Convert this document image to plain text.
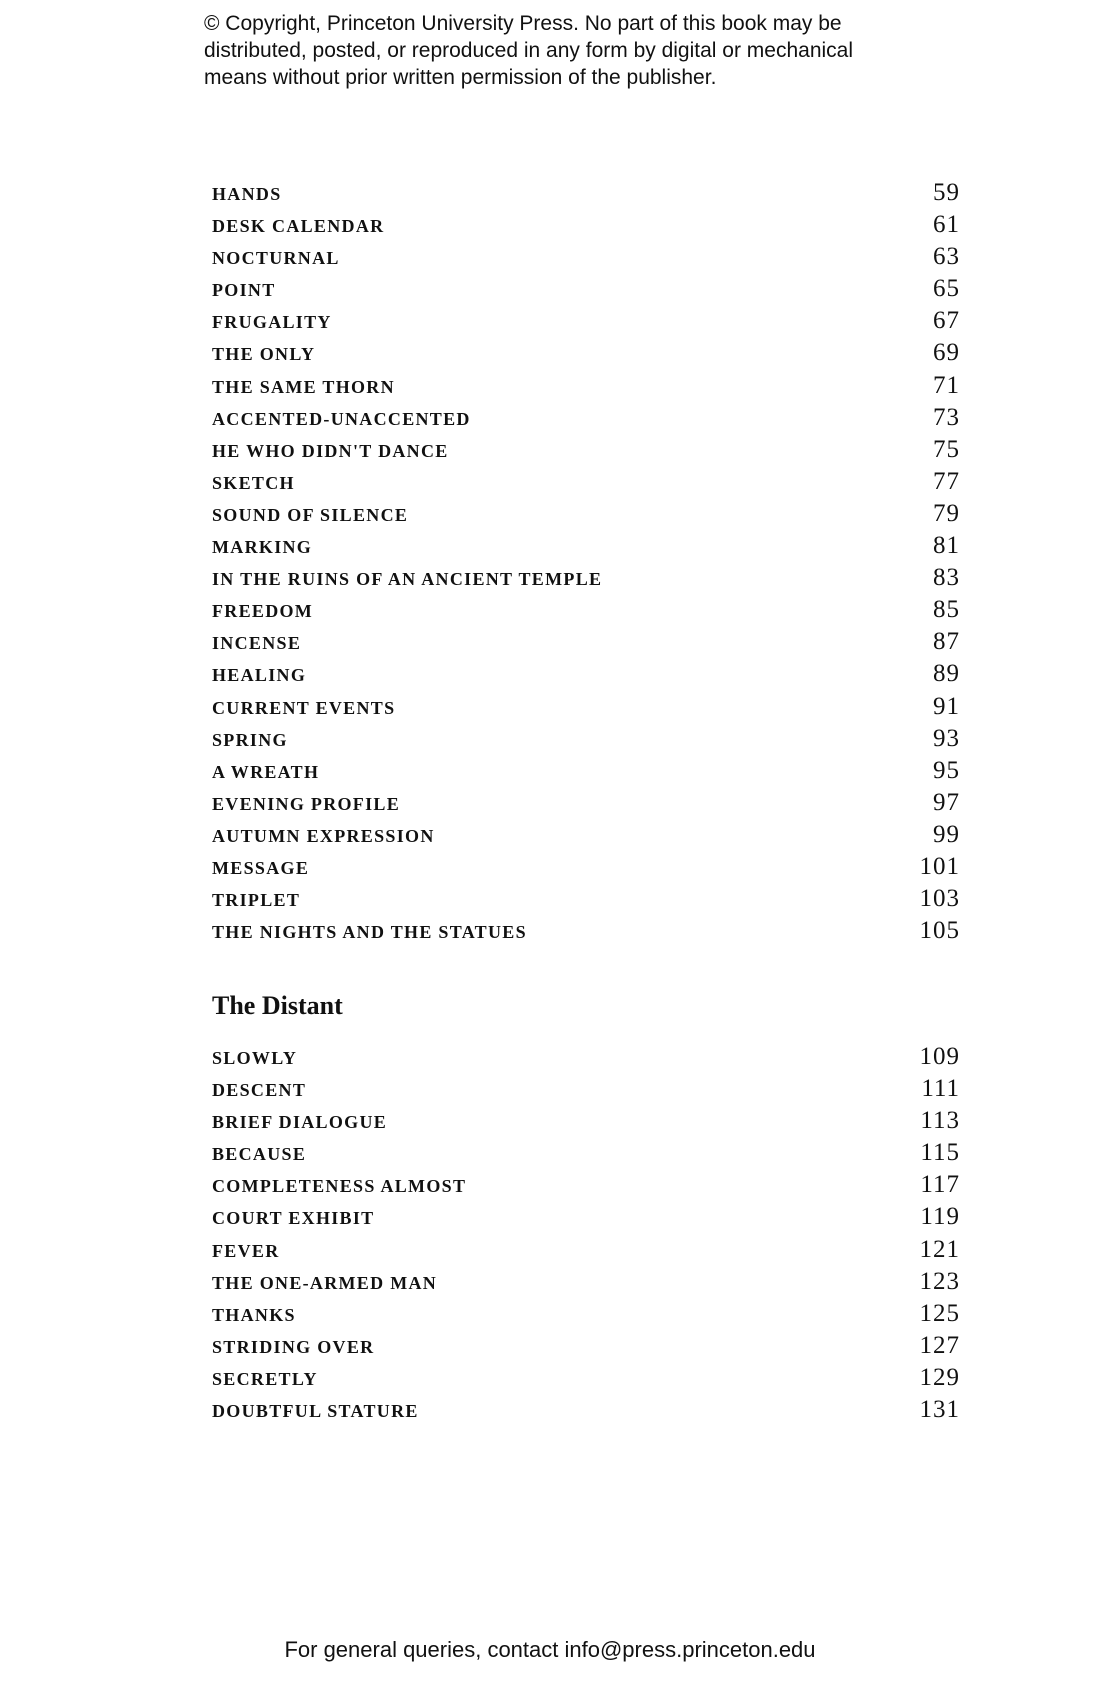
© Copyright, Princeton University Press. No part of this book may be
distributed, posted, or reproduced in any form by digital or mechanical
means without prior written permission of the publisher.
HANDS	59
DESK CALENDAR	61
NOCTURNAL	63
POINT	65
FRUGALITY	67
THE ONLY	69
THE SAME THORN	71
ACCENTED-UNACCENTED	73
HE WHO DIDN'T DANCE	75
SKETCH	77
SOUND OF SILENCE	79
MARKING	81
IN THE RUINS OF AN ANCIENT TEMPLE	83
FREEDOM	85
INCENSE	87
HEALING	89
CURRENT EVENTS	91
SPRING	93
A WREATH	95
EVENING PROFILE	97
AUTUMN EXPRESSION	99
MESSAGE	101
TRIPLET	103
THE NIGHTS AND THE STATUES	105
The Distant
SLOWLY	109
DESCENT	111
BRIEF DIALOGUE	113
BECAUSE	115
COMPLETENESS ALMOST	117
COURT EXHIBIT	119
FEVER	121
THE ONE-ARMED MAN	123
THANKS	125
STRIDING OVER	127
SECRETLY	129
DOUBTFUL STATURE	131
For general queries, contact info@press.princeton.edu
